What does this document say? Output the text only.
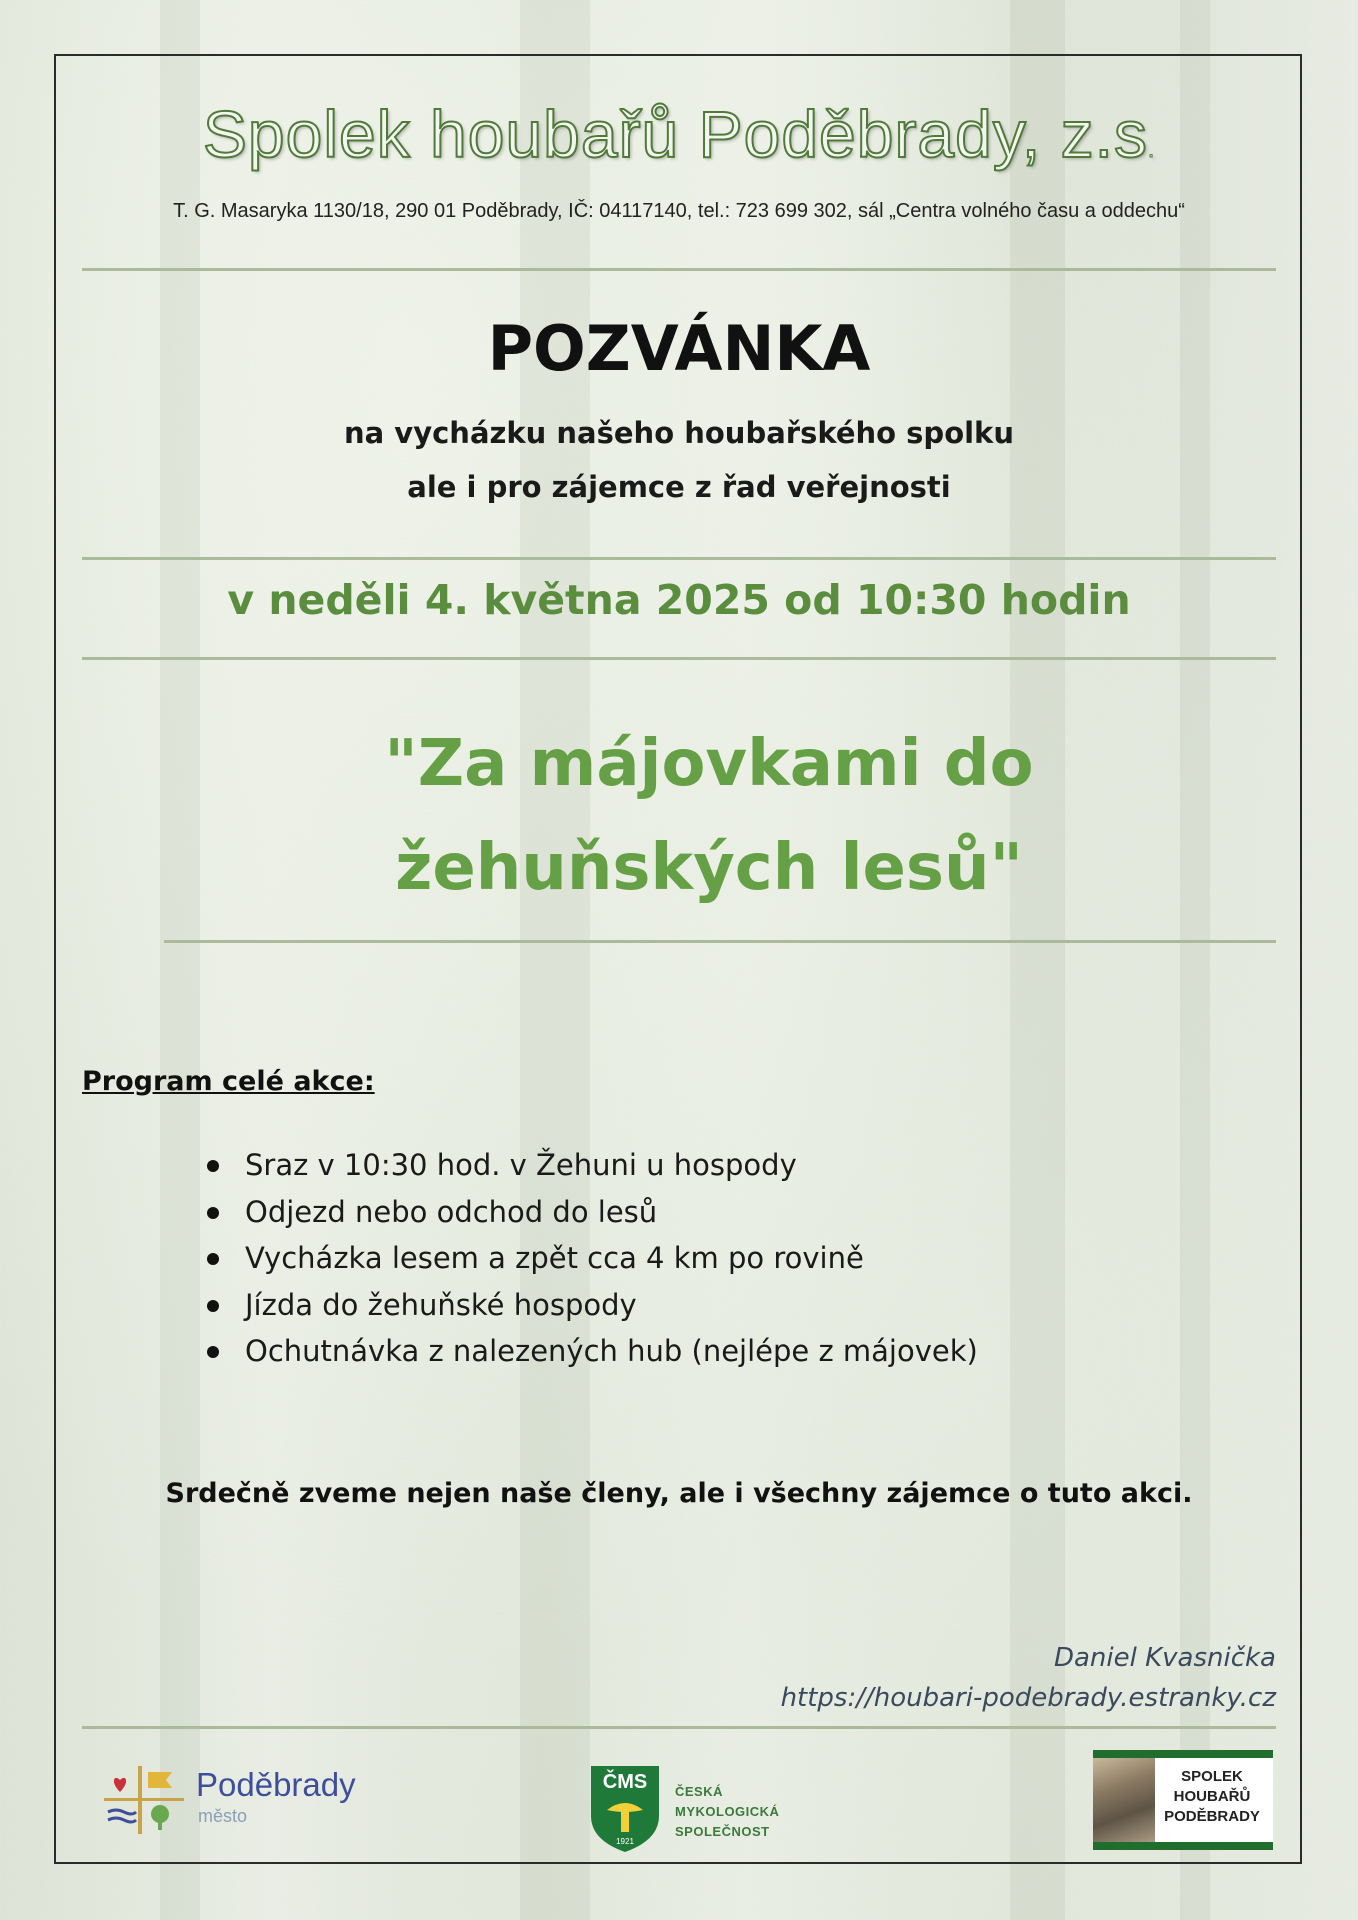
Spolek houbařů Poděbrady, z.s.
T. G. Masaryka 1130/18, 290 01 Poděbrady, IČ: 04117140, tel.: 723 699 302, sál „Centra volného času a oddechu“
POZVÁNKA
na vycházku našeho houbařského spolku
ale i pro zájemce z řad veřejnosti
v neděli 4. května 2025 od 10:30 hodin
"Za májovkami do
žehuňských lesů"
Program celé akce:
Sraz v 10:30 hod. v Žehuni u hospody
Odjezd nebo odchod do lesů
Vycházka lesem a zpět cca 4 km po rovině
Jízda do žehuňské hospody
Ochutnávka z nalezených hub (nejlépe z májovek)
Srdečně zveme nejen naše členy, ale i všechny zájemce o tuto akci.
Daniel Kvasnička
https://houbari-podebrady.estranky.cz
Poděbrady
město
ČMS
1921
ČESKÁ
MYKOLOGICKÁ
SPOLEČNOST
SPOLEK
HOUBAŘŮ
PODĚBRADY
